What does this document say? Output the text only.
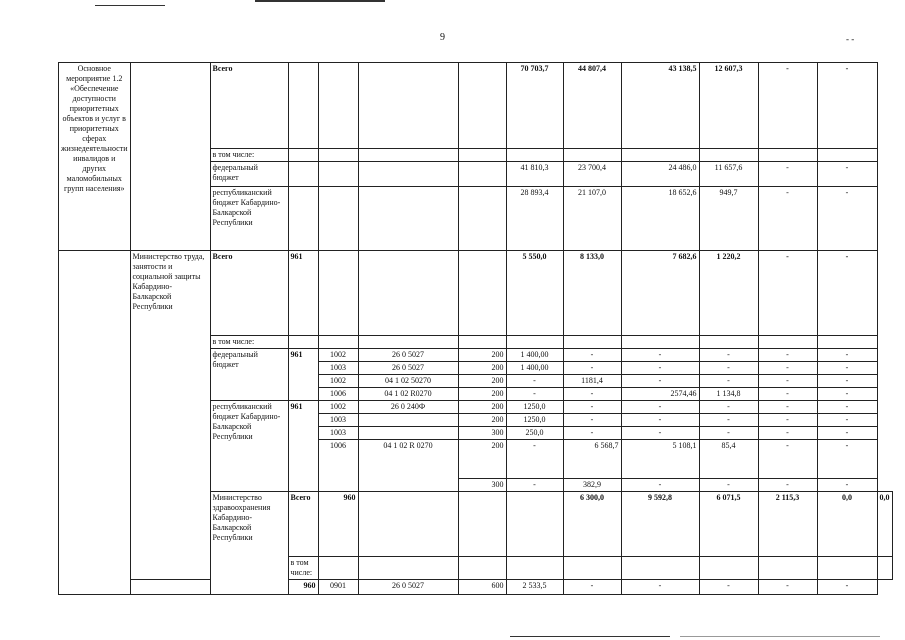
9	- -
Основное мероприятие 1.2 «Обеспечение доступности приоритетных объектов и услуг в приоритетных сферах жизнедеятельности инвалидов и других маломобильных групп населения»		Всего					70 703,7	44 807,4	43 138,5	12 607,3	-	-	
		в том числе:											
		федеральный бюджет					41 810,3	23 700,4	24 486,0	11 657,6	-	-	
		республиканский бюджет Кабардино-Балкарской Республики					28 893,4	21 107,0	18 652,6	949,7	-	-	
	Министерство труда, занятости и социальной защиты Кабардино-Балкарской Республики	Всего	961				5 550,0	8 133,0	7 682,6	1 220,2	-	-	
		в том числе:											
		федеральный бюджет	961	1002	26 0 5027	200	1 400,00	-	-	-	-	-	
				1003	26 0 5027	200	1 400,00	-	-	-	-	-	
				1002	04 1 02 50270	200	-	1181,4	-	-	-	-	
				1006	04 1 02 R0270	200	-	-	2574,46	1 134,8	-	-	
		республиканский бюджет Кабардино-Балкарской Республики	961	1002	26 0 240Ф	200	1250,0	-	-	-	-	-	
				1003		200	1250,0	-	-	-	-	-	
				1003		300	250,0	-	-	-	-	-	
				1006	04 1 02 R 0270	200	-	6 568,7	5 108,1	85,4	-	-	
						300	-	382,9	-	-	-	-	
		Министерство здравоохранения Кабардино-Балкарской Республики	Всего	960				6 300,0	9 592,8	6 071,5	2 115,3	0,0	0,0
			в том числе:										
			960	0901	26 0 5027	600	2 533,5	-	-	-	-	-	
